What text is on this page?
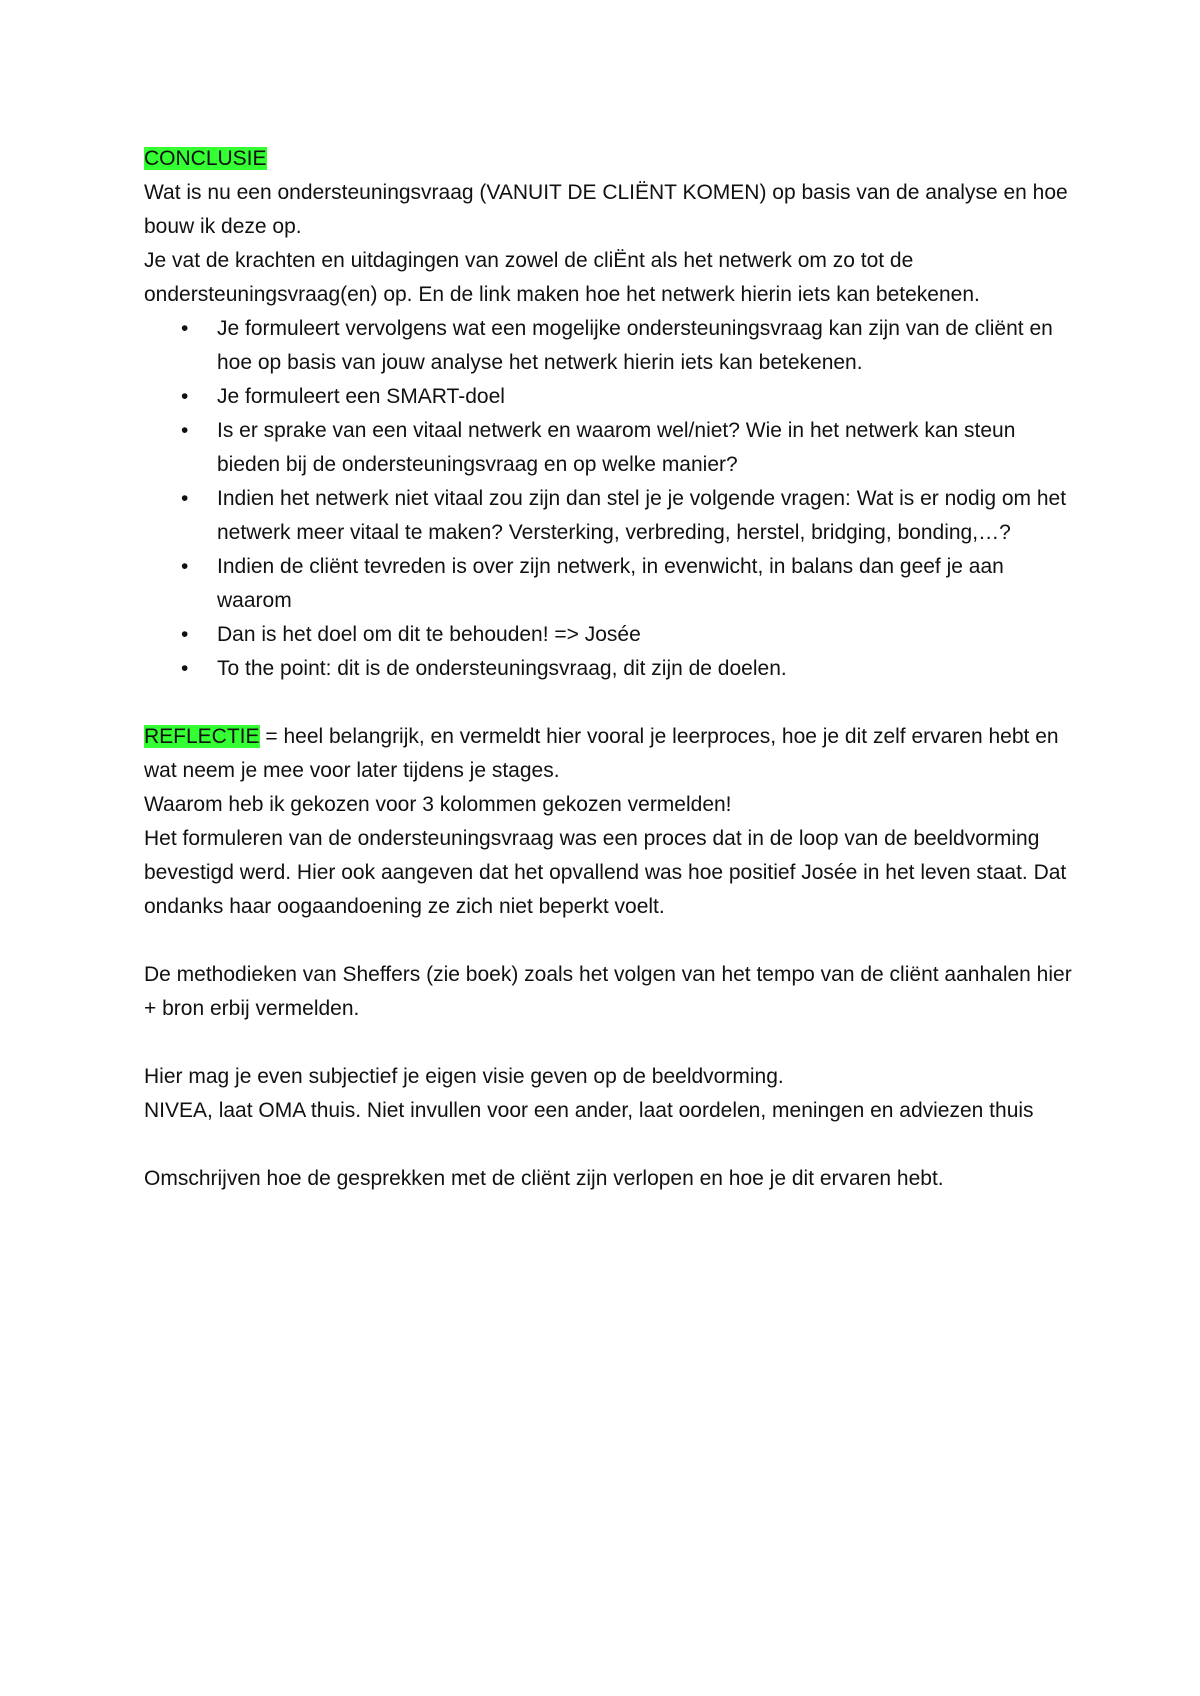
CONCLUSIE

Wat is nu een ondersteuningsvraag (VANUIT DE CLIËNT KOMEN) op basis van de analyse en hoe bouw ik deze op.

Je vat de krachten en uitdagingen van zowel de cliËnt als het netwerk om zo tot de ondersteuningsvraag(en) op. En de link maken hoe het netwerk hierin iets kan betekenen.

• Je formuleert vervolgens wat een mogelijke ondersteuningsvraag kan zijn van de cliënt en hoe op basis van jouw analyse het netwerk hierin iets kan betekenen.
• Je formuleert een SMART-doel
• Is er sprake van een vitaal netwerk en waarom wel/niet? Wie in het netwerk kan steun bieden bij de ondersteuningsvraag en op welke manier?
• Indien het netwerk niet vitaal zou zijn dan stel je je volgende vragen: Wat is er nodig om het netwerk meer vitaal te maken? Versterking, verbreding, herstel, bridging, bonding,…?
• Indien de cliënt tevreden is over zijn netwerk, in evenwicht, in balans dan geef je aan waarom
• Dan is het doel om dit te behouden! => Josée
• To the point: dit is de ondersteuningsvraag, dit zijn de doelen.

REFLECTIE = heel belangrijk, en vermeldt hier vooral je leerproces, hoe je dit zelf ervaren hebt en wat neem je mee voor later tijdens je stages.

Waarom heb ik gekozen voor 3 kolommen gekozen vermelden!

Het formuleren van de ondersteuningsvraag was een proces dat in de loop van de beeldvorming bevestigd werd. Hier ook aangeven dat het opvallend was hoe positief Josée in het leven staat. Dat ondanks haar oogaandoening ze zich niet beperkt voelt.

De methodieken van Sheffers (zie boek) zoals het volgen van het tempo van de cliënt aanhalen hier + bron erbij vermelden.

Hier mag je even subjectief je eigen visie geven op de beeldvorming.

NIVEA, laat OMA thuis. Niet invullen voor een ander, laat oordelen, meningen en adviezen thuis

Omschrijven hoe de gesprekken met de cliënt zijn verlopen en hoe je dit ervaren hebt.
